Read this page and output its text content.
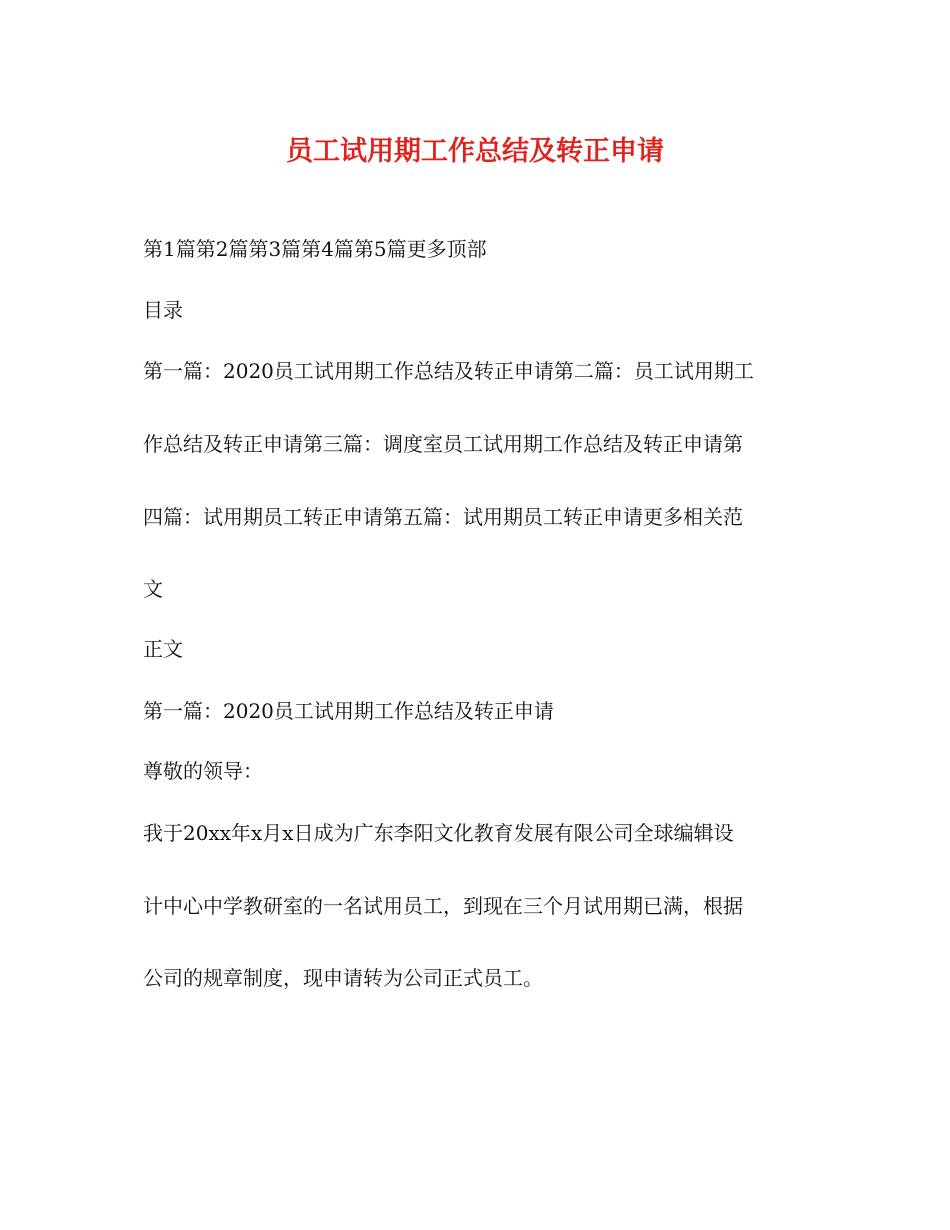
员工试用期工作总结及转正申请
第1篇第2篇第3篇第4篇第5篇更多顶部
目录
第一篇：2020员工试用期工作总结及转正申请第二篇：员工试用期工
作总结及转正申请第三篇：调度室员工试用期工作总结及转正申请第
四篇：试用期员工转正申请第五篇：试用期员工转正申请更多相关范
文
正文
第一篇：2020员工试用期工作总结及转正申请
尊敬的领导：
我于20xx年x月x日成为广东李阳文化教育发展有限公司全球编辑设
计中心中学教研室的一名试用员工，到现在三个月试用期已满，根据
公司的规章制度，现申请转为公司正式员工。
